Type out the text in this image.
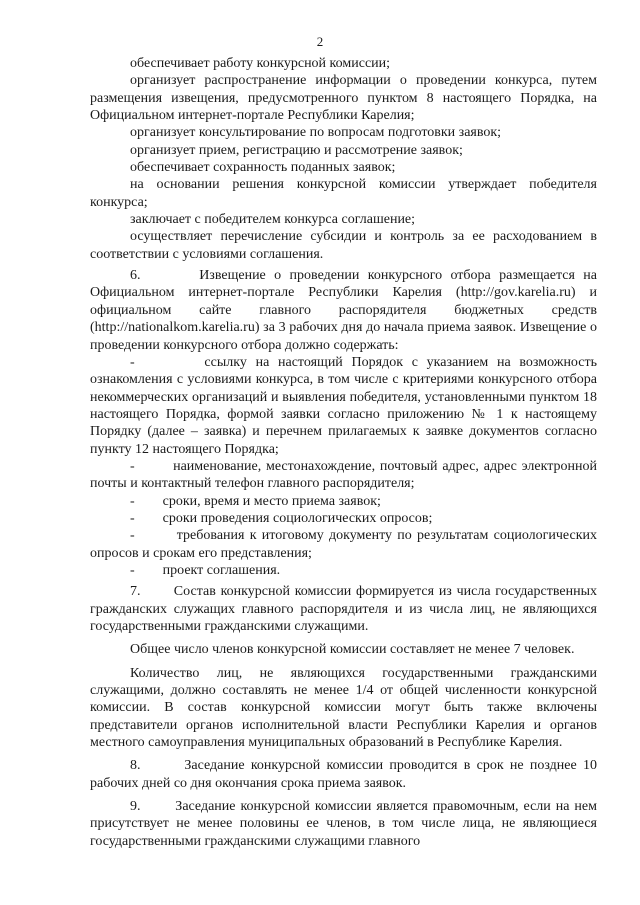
2

обеспечивает работу конкурсной комиссии;

организует распространение информации о проведении конкурса, путем размещения извещения, предусмотренного пунктом 8 настоящего Порядка, на Официальном интернет-портале Республики Карелия;

организует консультирование по вопросам подготовки заявок;

организует прием, регистрацию и рассмотрение заявок;

обеспечивает сохранность поданных заявок;

на основании решения конкурсной комиссии утверждает победителя конкурса;

заключает с победителем конкурса соглашение;

осуществляет перечисление субсидии и контроль за ее расходованием в соответствии с условиями соглашения.

6.       Извещение о проведении конкурсного отбора размещается на Официальном интернет-портале Республики Карелия (http://gov.karelia.ru) и официальном сайте главного распорядителя бюджетных средств (http://nationalkom.karelia.ru) за 3 рабочих дня до начала приема заявок. Извещение о проведении конкурсного отбора должно содержать:

-        ссылку на настоящий Порядок с указанием на возможность ознакомления с условиями конкурса, в том числе с критериями конкурсного отбора некоммерческих организаций и выявления победителя, установленными пунктом 18 настоящего Порядка, формой заявки согласно приложению № 1 к настоящему Порядку (далее – заявка) и перечнем прилагаемых к заявке документов согласно пункту 12 настоящего Порядка;

-        наименование, местонахождение, почтовый адрес, адрес электронной почты и контактный телефон главного распорядителя;

-        сроки, время и место приема заявок;

-        сроки проведения социологических опросов;

-        требования к итоговому документу по результатам социологических опросов и срокам его представления;

-        проект соглашения.

7.       Состав конкурсной комиссии формируется из числа государственных гражданских служащих главного распорядителя и из числа лиц, не являющихся государственными гражданскими служащими.

Общее число членов конкурсной комиссии составляет не менее 7 человек.

Количество лиц, не являющихся государственными гражданскими служащими, должно составлять не менее 1/4 от общей численности конкурсной комиссии. В состав конкурсной комиссии могут быть также включены представители органов исполнительной власти Республики Карелия и органов местного самоуправления муниципальных образований в Республике Карелия.

8.       Заседание конкурсной комиссии проводится в срок не позднее 10 рабочих дней со дня окончания срока приема заявок.

9.       Заседание конкурсной комиссии является правомочным, если на нем присутствует не менее половины ее членов, в том числе лица, не являющиеся государственными гражданскими служащими главного
